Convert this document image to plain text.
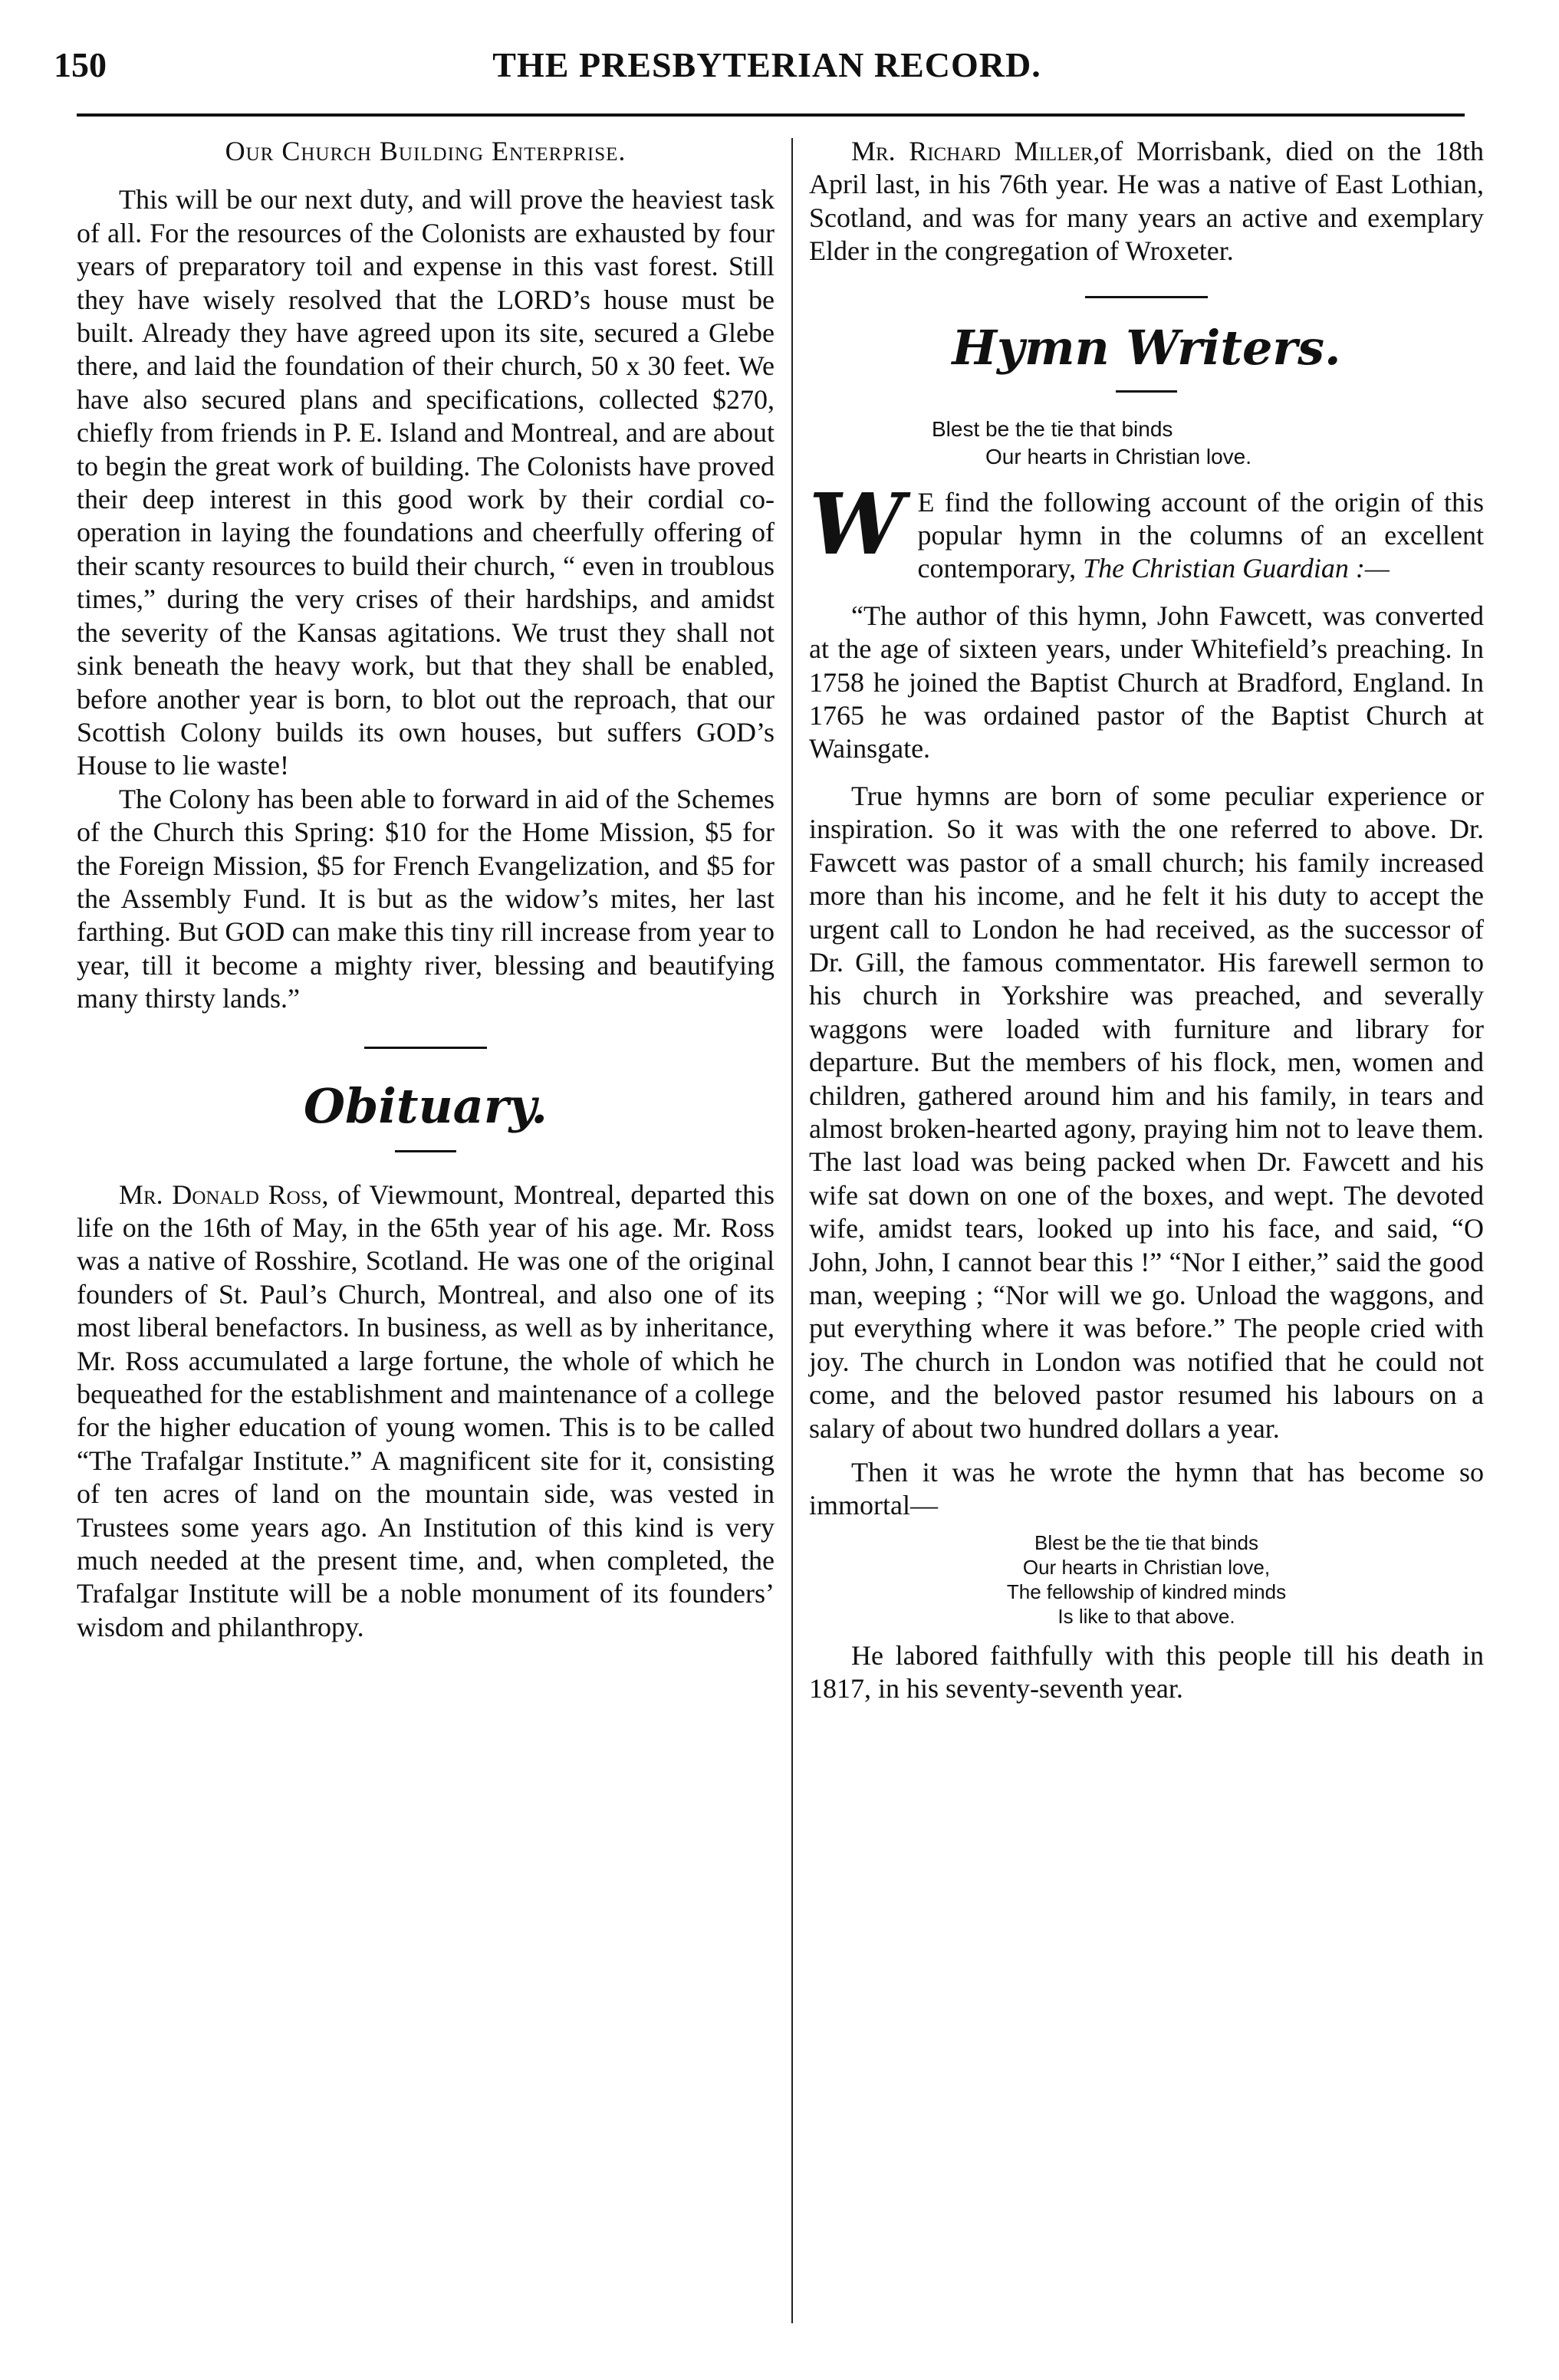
150	THE PRESBYTERIAN RECORD.

Our Church Building Enterprise.

This will be our next duty, and will prove the heaviest task of all. For the resources of the Colonists are exhausted by four years of preparatory toil and expense in this vast forest. Still they have wisely resolved that the LORD’s house must be built. Already they have agreed upon its site, secured a Glebe there, and laid the foundation of their church, 50 x 30 feet. We have also secured plans and specifications, collected $270, chiefly from friends in P. E. Island and Montreal, and are about to begin the great work of building. The Colonists have proved their deep interest in this good work by their cordial co-operation in laying the foundations and cheerfully offering of their scanty resources to build their church, “ even in troublous times,” during the very crises of their hardships, and amidst the severity of the Kansas agitations. We trust they shall not sink beneath the heavy work, but that they shall be enabled, before another year is born, to blot out the reproach, that our Scottish Colony builds its own houses, but suffers GOD’s House to lie waste!

The Colony has been able to forward in aid of the Schemes of the Church this Spring: $10 for the Home Mission, $5 for the Foreign Mission, $5 for French Evangelization, and $5 for the Assembly Fund. It is but as the widow’s mites, her last farthing. But GOD can make this tiny rill increase from year to year, till it become a mighty river, blessing and beautifying many thirsty lands.”

Obituary.

Mr. Donald Ross, of Viewmount, Montreal, departed this life on the 16th of May, in the 65th year of his age. Mr. Ross was a native of Rosshire, Scotland. He was one of the original founders of St. Paul’s Church, Montreal, and also one of its most liberal benefactors. In business, as well as by inheritance, Mr. Ross accumulated a large fortune, the whole of which he bequeathed for the establishment and maintenance of a college for the higher education of young women. This is to be called “The Trafalgar Institute.” A magnificent site for it, consisting of ten acres of land on the mountain side, was vested in Trustees some years ago. An Institution of this kind is very much needed at the present time, and, when completed, the Trafalgar Institute will be a noble monument of its founders’ wisdom and philanthropy.

Mr. Richard Miller,of Morrisbank, died on the 18th April last, in his 76th year. He was a native of East Lothian, Scotland, and was for many years an active and exemplary Elder in the congregation of Wroxeter.

Hymn Writers.

Blest be the tie that binds

Our hearts in Christian love.

W E find the following account of the origin of this popular hymn in the columns of an excellent contemporary, The Christian Guardian :—

“The author of this hymn, John Fawcett, was converted at the age of sixteen years, under Whitefield’s preaching. In 1758 he joined the Baptist Church at Bradford, England. In 1765 he was ordained pastor of the Baptist Church at Wainsgate.

True hymns are born of some peculiar experience or inspiration. So it was with the one referred to above. Dr. Fawcett was pastor of a small church; his family increased more than his income, and he felt it his duty to accept the urgent call to London he had received, as the successor of Dr. Gill, the famous commentator. His farewell sermon to his church in Yorkshire was preached, and severally waggons were loaded with furniture and library for departure. But the members of his flock, men, women and children, gathered around him and his family, in tears and almost broken-hearted agony, praying him not to leave them. The last load was being packed when Dr. Fawcett and his wife sat down on one of the boxes, and wept. The devoted wife, amidst tears, looked up into his face, and said, “O John, John, I cannot bear this !” “Nor I either,” said the good man, weeping ; “Nor will we go. Unload the waggons, and put everything where it was before.” The people cried with joy. The church in London was notified that he could not come, and the beloved pastor resumed his labours on a salary of about two hundred dollars a year.

Then it was he wrote the hymn that has become so immortal—

Blest be the tie that binds

Our hearts in Christian love,

The fellowship of kindred minds

Is like to that above.

He labored faithfully with this people till his death in 1817, in his seventy-seventh year.
